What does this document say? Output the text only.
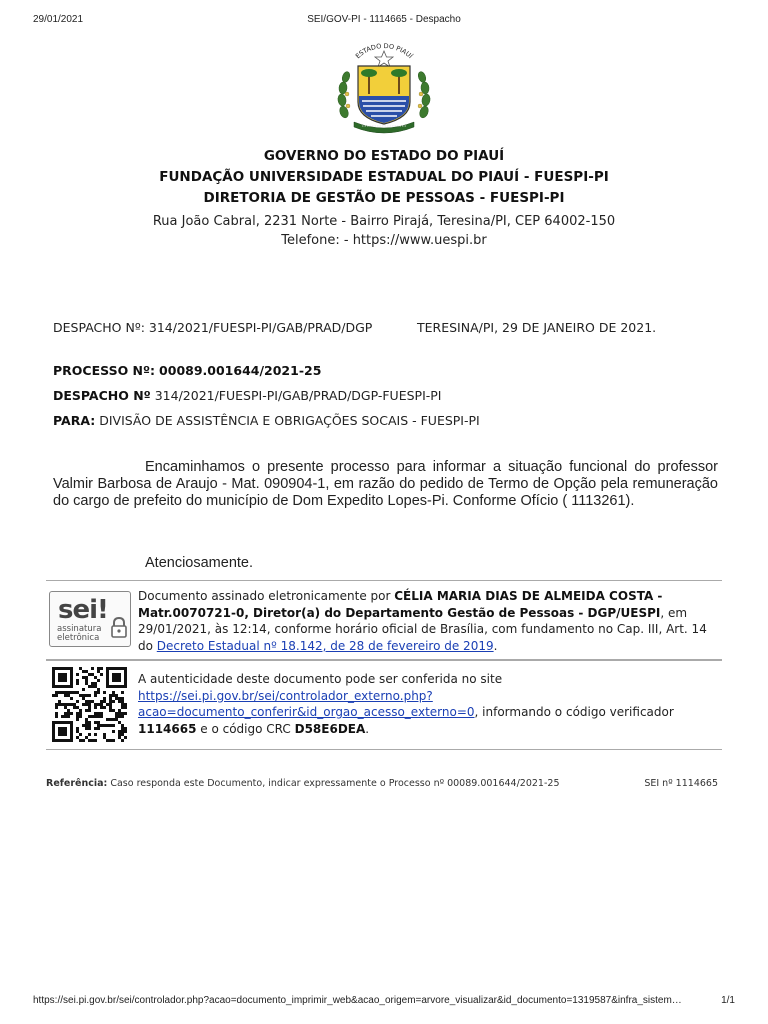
29/01/2021	SEI/GOV-PI - 1114665 - Despacho
ESTADO DO PIAUÍ
GOVERNO DO ESTADO DO PIAUÍ
FUNDAÇÃO UNIVERSIDADE ESTADUAL DO PIAUÍ - FUESPI-PI
DIRETORIA DE GESTÃO DE PESSOAS - FUESPI-PI
Rua João Cabral, 2231 Norte - Bairro Pirajá, Teresina/PI, CEP 64002-150
Telefone: - https://www.uespi.br
DESPACHO Nº: 314/2021/FUESPI-PI/GAB/PRAD/DGP	TERESINA/PI, 29 DE JANEIRO DE 2021.
PROCESSO Nº: 00089.001644/2021-25
DESPACHO Nº 314/2021/FUESPI-PI/GAB/PRAD/DGP-FUESPI-PI
PARA: DIVISÃO DE ASSISTÊNCIA E OBRIGAÇÕES SOCAIS - FUESPI-PI
Encaminhamos o presente processo para informar a situação funcional do professor Valmir Barbosa de Araujo - Mat. 090904-1, em razão do pedido de Termo de Opção pela remuneração do cargo de prefeito do município de Dom Expedito Lopes-Pi. Conforme Ofício ( 1113261).
Atenciosamente.
sei!
assinatura
eletrônica
Documento assinado eletronicamente por CÉLIA MARIA DIAS DE ALMEIDA COSTA - Matr.0070721-0, Diretor(a) do Departamento Gestão de Pessoas - DGP/UESPI, em 29/01/2021, às 12:14, conforme horário oficial de Brasília, com fundamento no Cap. III, Art. 14 do Decreto Estadual nº 18.142, de 28 de fevereiro de 2019.
A autenticidade deste documento pode ser conferida no site https://sei.pi.gov.br/sei/controlador_externo.php?acao=documento_conferir&id_orgao_acesso_externo=0, informando o código verificador 1114665 e o código CRC D58E6DEA.
Referência: Caso responda este Documento, indicar expressamente o Processo nº 00089.001644/2021-25	SEI nº 1114665
https://sei.pi.gov.br/sei/controlador.php?acao=documento_imprimir_web&acao_origem=arvore_visualizar&id_documento=1319587&infra_sistem…	1/1
